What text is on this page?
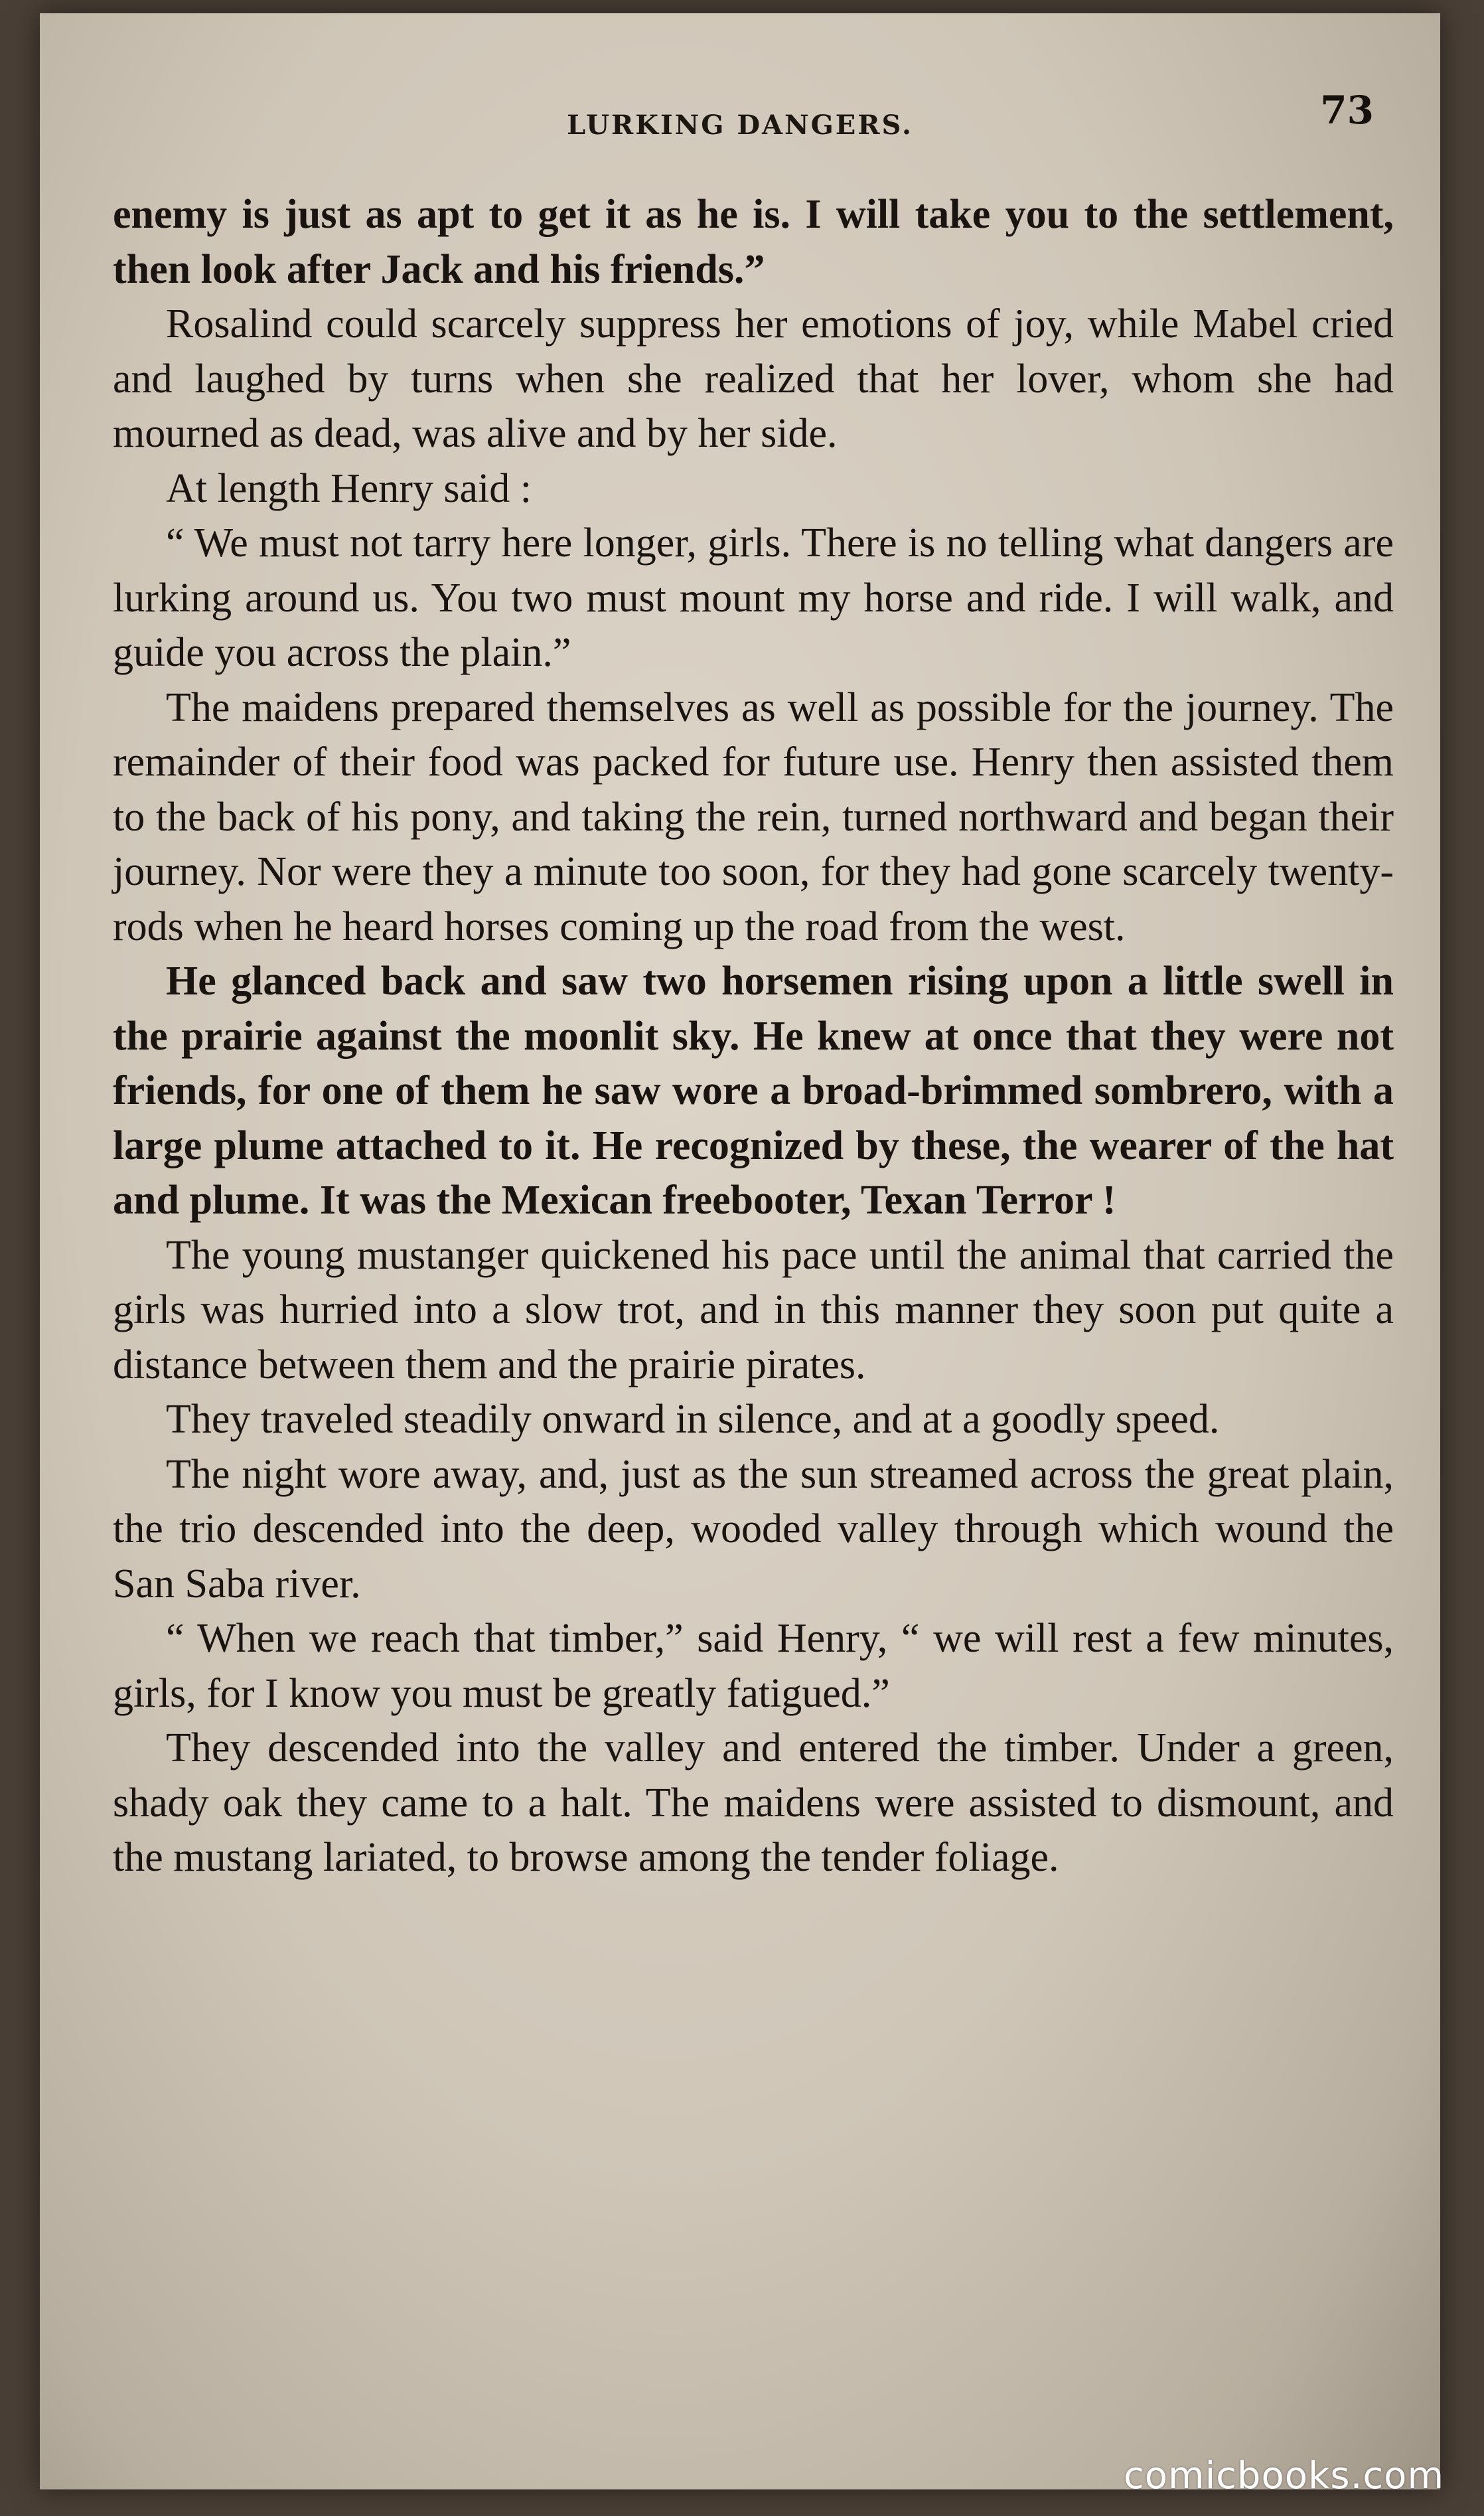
LURKING DANGERS.	73

enemy is just as apt to get it as he is. I will take you to the settlement, then look after Jack and his friends.”

Rosalind could scarcely suppress her emotions of joy, while Mabel cried and laughed by turns when she realized that her lover, whom she had mourned as dead, was alive and by her side.

At length Henry said :

“ We must not tarry here longer, girls. There is no telling what dangers are lurking around us. You two must mount my horse and ride. I will walk, and guide you across the plain.”

The maidens prepared themselves as well as possible for the journey. The remainder of their food was packed for future use. Henry then assisted them to the back of his pony, and taking the rein, turned northward and began their journey. Nor were they a minute too soon, for they had gone scarcely twenty-rods when he heard horses coming up the road from the west.

He glanced back and saw two horsemen rising upon a little swell in the prairie against the moonlit sky. He knew at once that they were not friends, for one of them he saw wore a broad-brimmed sombrero, with a large plume attached to it. He recognized by these, the wearer of the hat and plume. It was the Mexican freebooter, Texan Terror !

The young mustanger quickened his pace until the animal that carried the girls was hurried into a slow trot, and in this manner they soon put quite a distance between them and the prairie pirates.

They traveled steadily onward in silence, and at a goodly speed.

The night wore away, and, just as the sun streamed across the great plain, the trio descended into the deep, wooded valley through which wound the San Saba river.

“ When we reach that timber,” said Henry, “ we will rest a few minutes, girls, for I know you must be greatly fatigued.”

They descended into the valley and entered the timber. Under a green, shady oak they came to a halt. The maidens were assisted to dismount, and the mustang lariated, to browse among the tender foliage.

comicbooks.com
